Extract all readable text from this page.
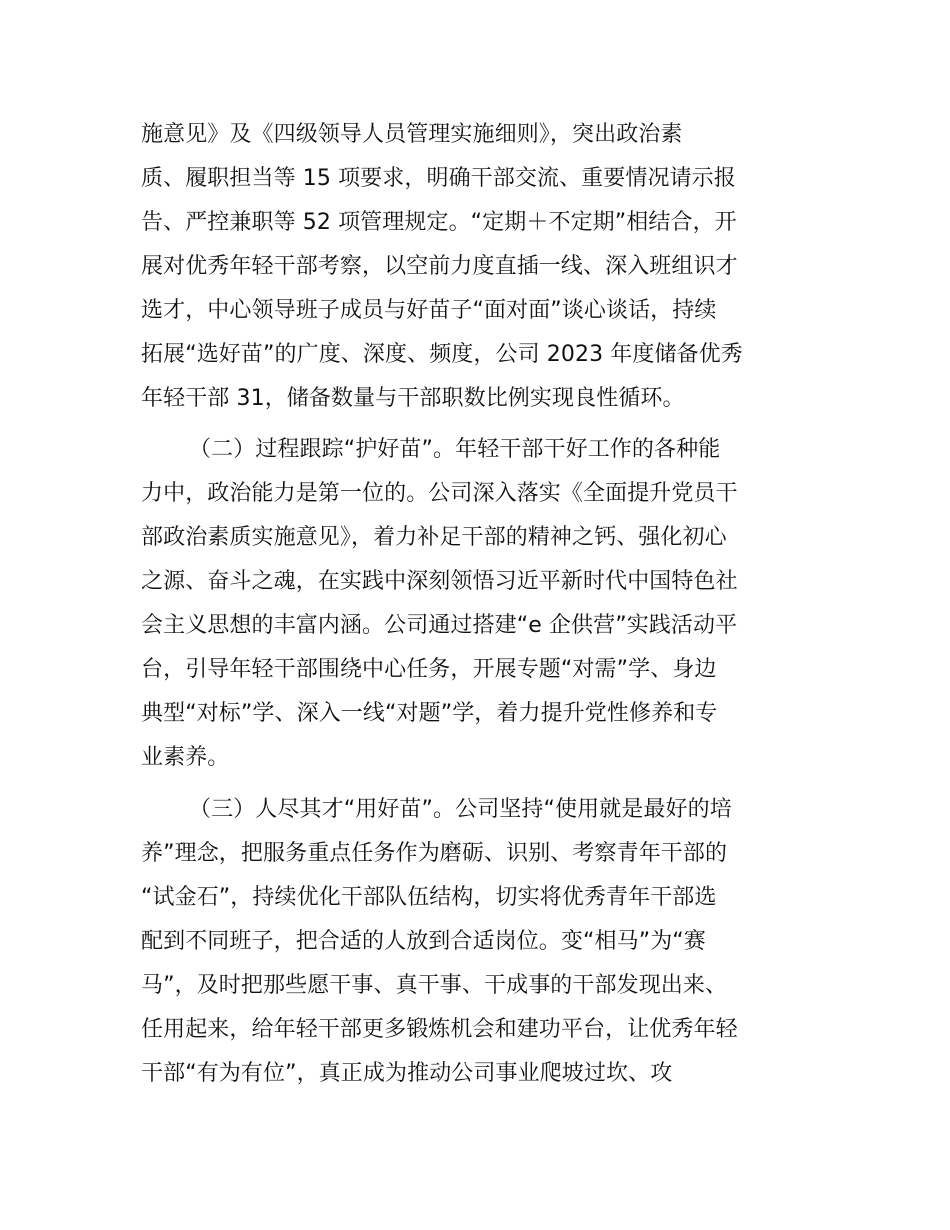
施意见》及《四级领导人员管理实施细则》，突出政治素
质、履职担当等 15 项要求，明确干部交流、重要情况请示报
告、严控兼职等 52 项管理规定。“定期＋不定期”相结合，开
展对优秀年轻干部考察，以空前力度直插一线、深入班组识才
选才，中心领导班子成员与好苗子“面对面”谈心谈话，持续
拓展“选好苗”的广度、深度、频度，公司 2023 年度储备优秀
年轻干部 31，储备数量与干部职数比例实现良性循环。
（二）过程跟踪“护好苗”。年轻干部干好工作的各种能
力中，政治能力是第一位的。公司深入落实《全面提升党员干
部政治素质实施意见》，着力补足干部的精神之钙、强化初心
之源、奋斗之魂，在实践中深刻领悟习近平新时代中国特色社
会主义思想的丰富内涵。公司通过搭建“e 企供营”实践活动平
台，引导年轻干部围绕中心任务，开展专题“对需”学、身边
典型“对标”学、深入一线“对题”学，着力提升党性修养和专
业素养。
（三）人尽其才“用好苗”。公司坚持“使用就是最好的培
养”理念，把服务重点任务作为磨砺、识别、考察青年干部的
“试金石”，持续优化干部队伍结构，切实将优秀青年干部选
配到不同班子，把合适的人放到合适岗位。变“相马”为“赛
马”，及时把那些愿干事、真干事、干成事的干部发现出来、
任用起来，给年轻干部更多锻炼机会和建功平台，让优秀年轻
干部“有为有位”，真正成为推动公司事业爬坡过坎、攻
